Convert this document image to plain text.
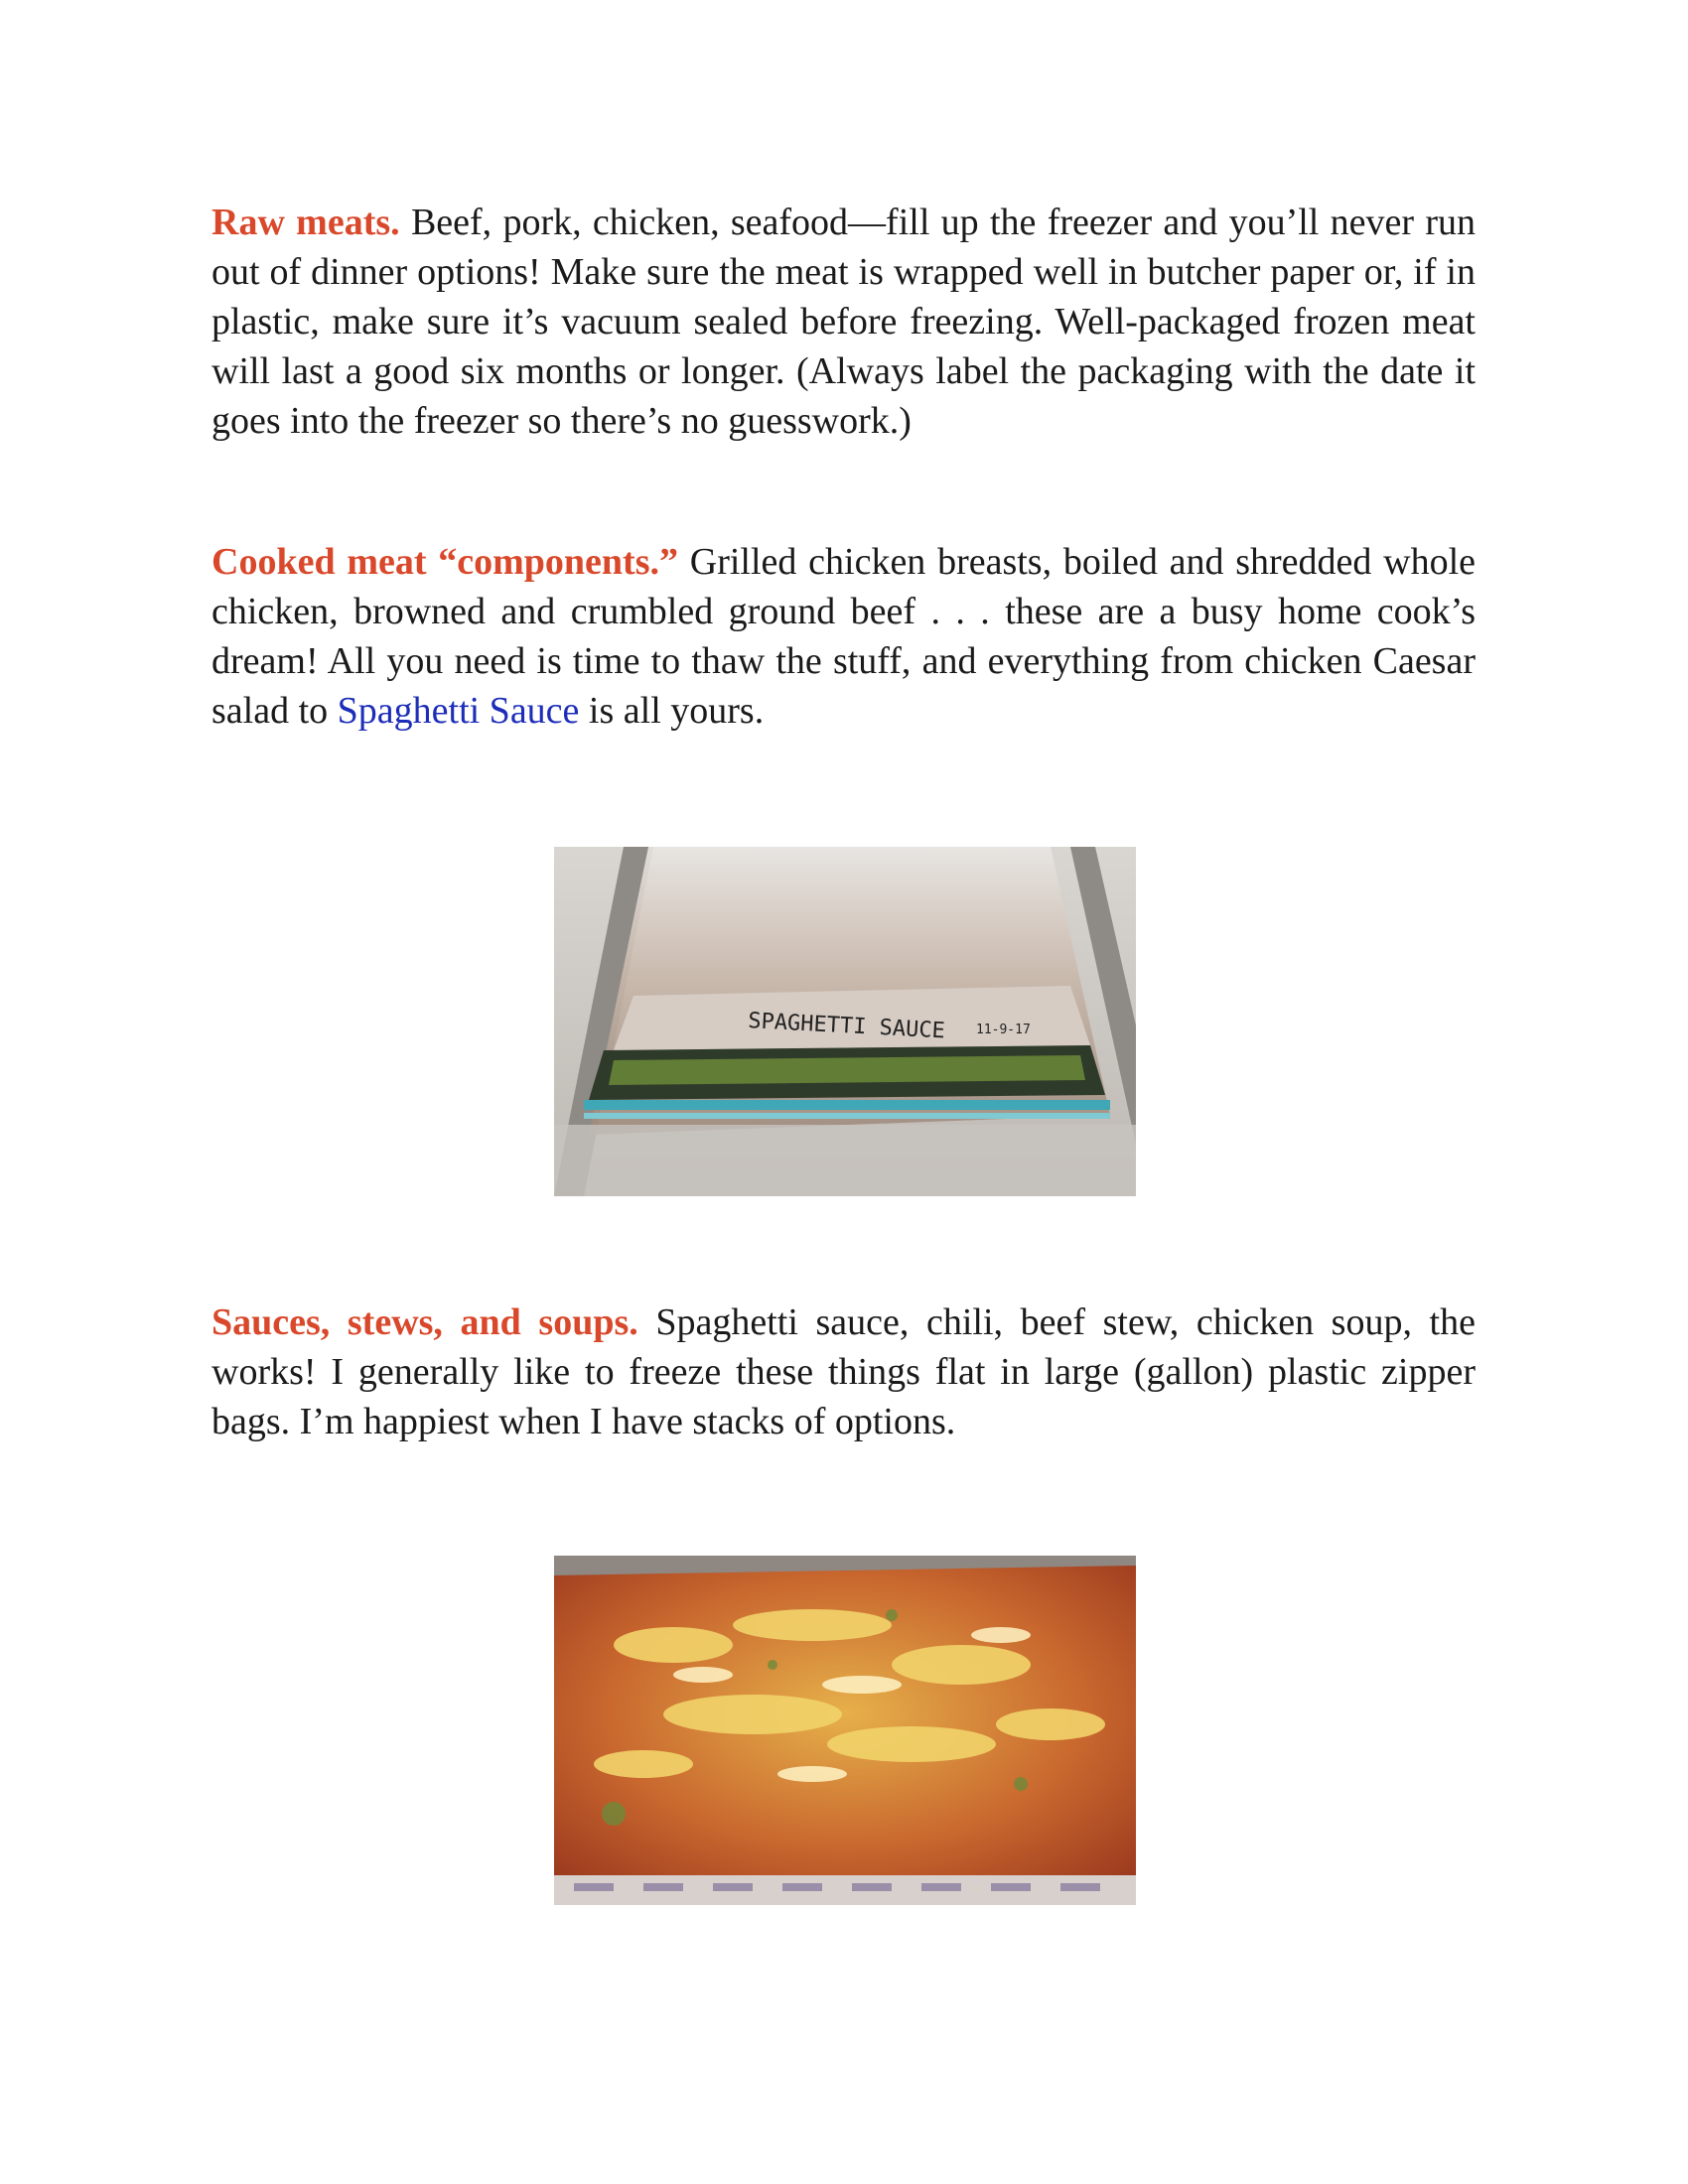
Raw meats. Beef, pork, chicken, seafood—fill up the freezer and you’ll never run out of dinner options! Make sure the meat is wrapped well in butcher paper or, if in plastic, make sure it’s vacuum sealed before freezing. Well-packaged frozen meat will last a good six months or longer. (Always label the packaging with the date it goes into the freezer so there’s no guesswork.)

Cooked meat “components.” Grilled chicken breasts, boiled and shredded whole chicken, browned and crumbled ground beef . . . these are a busy home cook’s dream! All you need is time to thaw the stuff, and everything from chicken Caesar salad to Spaghetti Sauce is all yours.

SPAGHETTI SAUCE 11-9-17

Sauces, stews, and soups. Spaghetti sauce, chili, beef stew, chicken soup, the works! I generally like to freeze these things flat in large (gallon) plastic zipper bags. I’m happiest when I have stacks of options.
